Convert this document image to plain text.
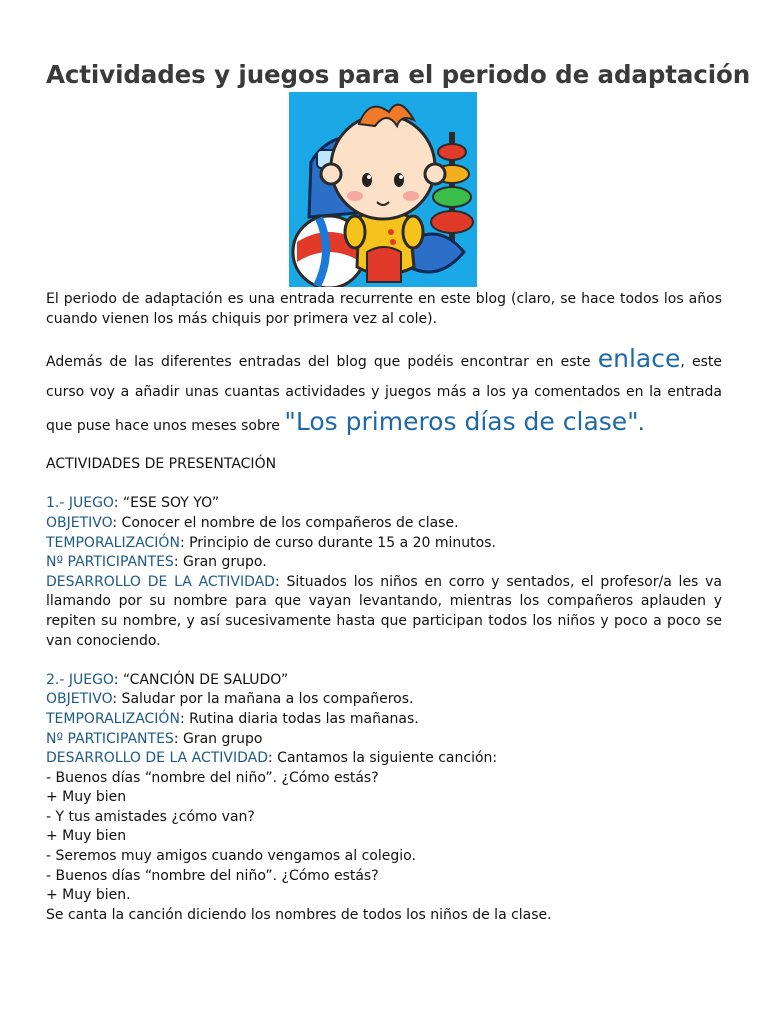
Actividades y juegos para el periodo de adaptación

El periodo de adaptación es una entrada recurrente en este blog (claro, se hace todos los años cuando vienen los más chiquis por primera vez al cole).

Además de las diferentes entradas del blog que podéis encontrar en este enlace, este curso voy a añadir unas cuantas actividades y juegos más a los ya comentados en la entrada que puse hace unos meses sobre "Los primeros días de clase".

ACTIVIDADES DE PRESENTACIÓN

1.- JUEGO: “ESE SOY YO”

OBJETIVO: Conocer el nombre de los compañeros de clase.

TEMPORALIZACIÓN: Principio de curso durante 15 a 20 minutos.

Nº PARTICIPANTES: Gran grupo.

DESARROLLO DE LA ACTIVIDAD: Situados los niños en corro y sentados, el profesor/a les va llamando por su nombre para que vayan levantando, mientras los compañeros aplauden y repiten su nombre, y así sucesivamente hasta que participan todos los niños y poco a poco se van conociendo.

2.- JUEGO: “CANCIÓN DE SALUDO”

OBJETIVO: Saludar por la mañana a los compañeros.

TEMPORALIZACIÓN: Rutina diaria todas las mañanas.

Nº PARTICIPANTES: Gran grupo

DESARROLLO DE LA ACTIVIDAD: Cantamos la siguiente canción:

- Buenos días “nombre del niño”. ¿Cómo estás?

+ Muy bien

- Y tus amistades ¿cómo van?

+ Muy bien

- Seremos muy amigos cuando vengamos al colegio.

- Buenos días “nombre del niño”. ¿Cómo estás?

+ Muy bien.

Se canta la canción diciendo los nombres de todos los niños de la clase.
